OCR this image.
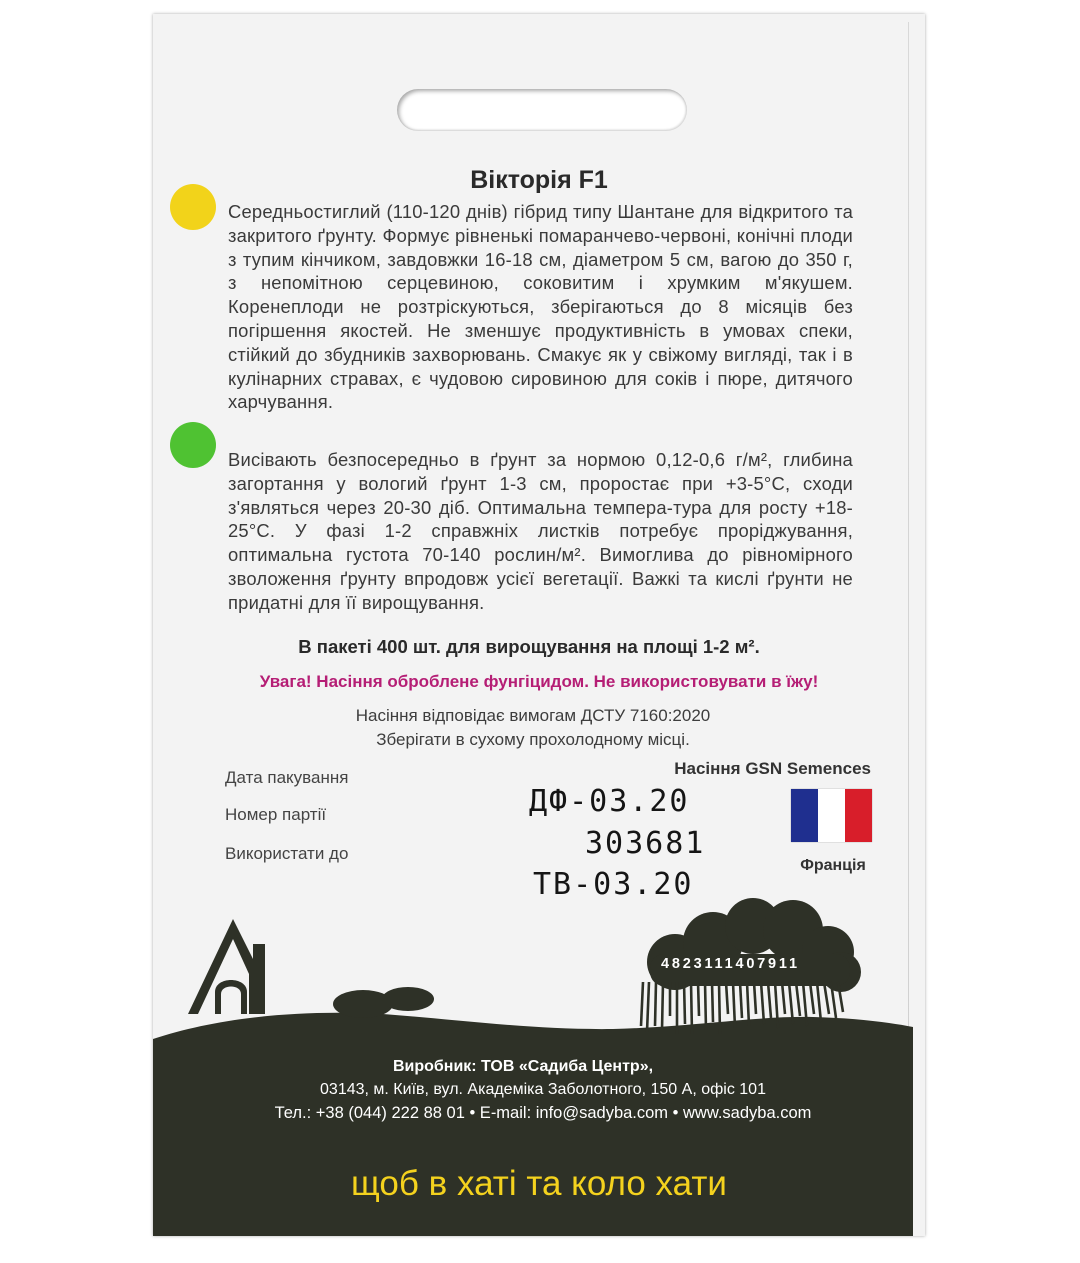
Вікторія F1

Середньостиглий (110-120 днів) гібрид типу Шантане для відкритого та закритого ґрунту. Формує рівненькі помаранчево-червоні, конічні плоди з тупим кінчиком, завдовжки 16-18 см, діаметром 5 см, вагою до 350 г, з непомітною серцевиною, соковитим і хрумким м'якушем. Коренеплоди не розтріскуються, зберігаються до 8 місяців без погіршення якостей. Не зменшує продуктивність в умовах спеки, стійкий до збудників захворювань. Смакує як у свіжому вигляді, так і в кулінарних стравах, є чудовою сировиною для соків і пюре, дитячого харчування.

Висівають безпосередньо в ґрунт за нормою 0,12-0,6 г/м², глибина загортання у вологий ґрунт 1-3 см, проростає при +3-5°С, сходи з'являться через 20-30 діб. Оптимальна темпера-тура для росту +18-25°С. У фазі 1-2 справжніх листків потребує проріджування, оптимальна густота 70-140 рослин/м². Вимоглива до рівномірного зволоження ґрунту впродовж усієї вегетації. Важкі та кислі ґрунти не придатні для її вирощування.

В пакеті 400 шт. для вирощування на площі 1-2 м².
Увага! Насіння оброблене фунгіцидом. Не використовувати в їжу!
Насіння відповідає вимогам ДСТУ 7160:2020
Зберігати в сухому прохолодному місці.
Насіння GSN Semences
Дата пакування
Номер партії
Використати до
ДФ-03.20
303681
ТВ-03.20
Франція
4823111407911
Виробник: ТОВ «Садиба Центр»,
03143, м. Київ, вул. Академіка Заболотного, 150 А, офіс 101
Тел.: +38 (044) 222 88 01 • E-mail: info@sadyba.com • www.sadyba.com
щоб в хаті та коло хати
